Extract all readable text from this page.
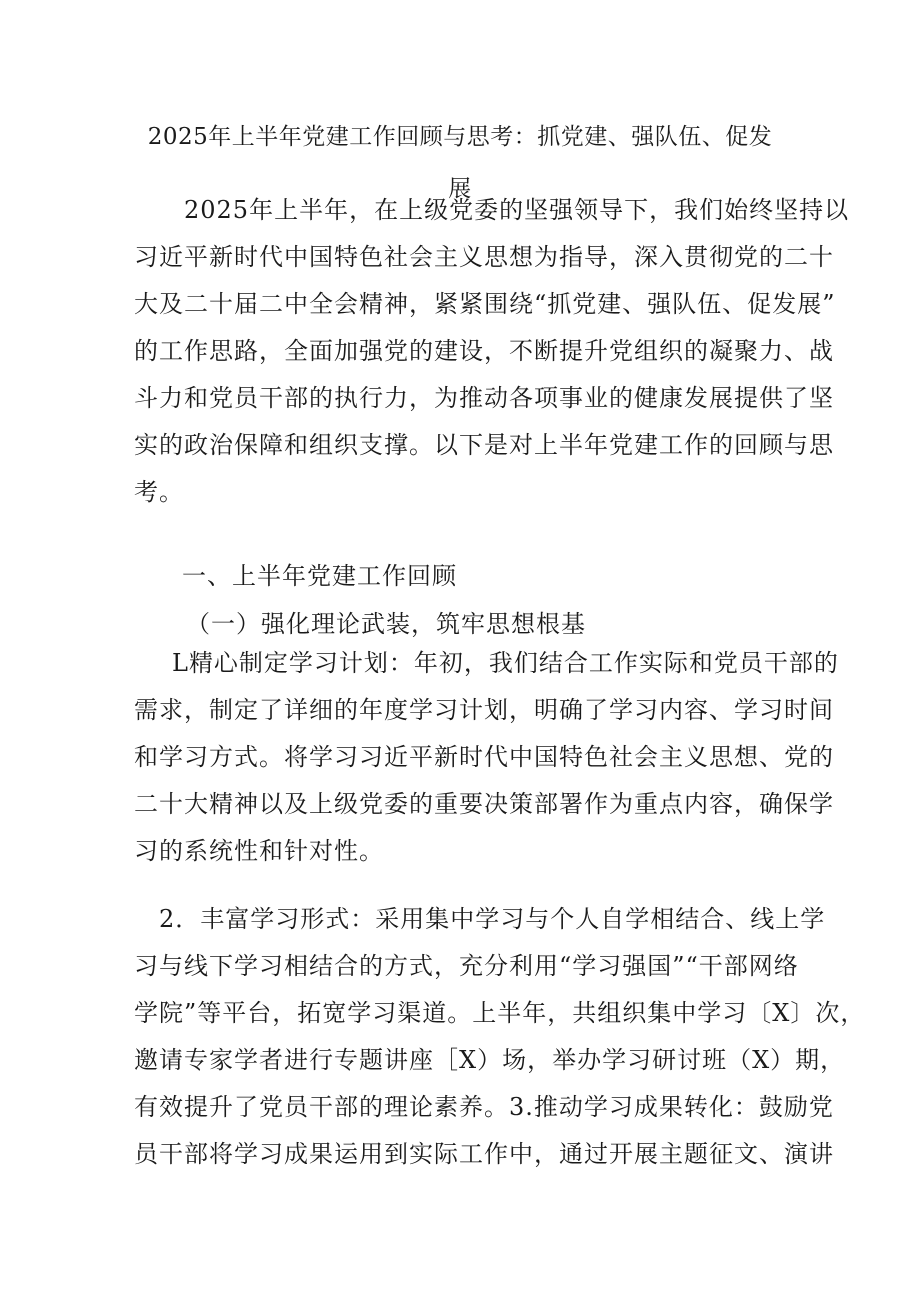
2025年上半年党建工作回顾与思考：抓党建、强队伍、促发
展
　　2025年上半年，在上级党委的坚强领导下，我们始终坚持以
习近平新时代中国特色社会主义思想为指导，深入贯彻党的二十
大及二十届二中全会精神，紧紧围绕“抓党建、强队伍、促发展”
的工作思路，全面加强党的建设，不断提升党组织的凝聚力、战
斗力和党员干部的执行力，为推动各项事业的健康发展提供了坚
实的政治保障和组织支撑。以下是对上半年党建工作的回顾与思
考。
一、上半年党建工作回顾
（一）强化理论武装，筑牢思想根基
L精心制定学习计划：年初，我们结合工作实际和党员干部的
需求，制定了详细的年度学习计划，明确了学习内容、学习时间
和学习方式。将学习习近平新时代中国特色社会主义思想、党的
二十大精神以及上级党委的重要决策部署作为重点内容，确保学
习的系统性和针对性。
　2．丰富学习形式：采用集中学习与个人自学相结合、线上学
习与线下学习相结合的方式，充分利用“学习强国”“干部网络
学院”等平台，拓宽学习渠道。上半年，共组织集中学习〔X〕次，
邀请专家学者进行专题讲座［X）场，举办学习研讨班（X）期，
有效提升了党员干部的理论素养。3.推动学习成果转化：鼓励党
员干部将学习成果运用到实际工作中，通过开展主题征文、演讲
